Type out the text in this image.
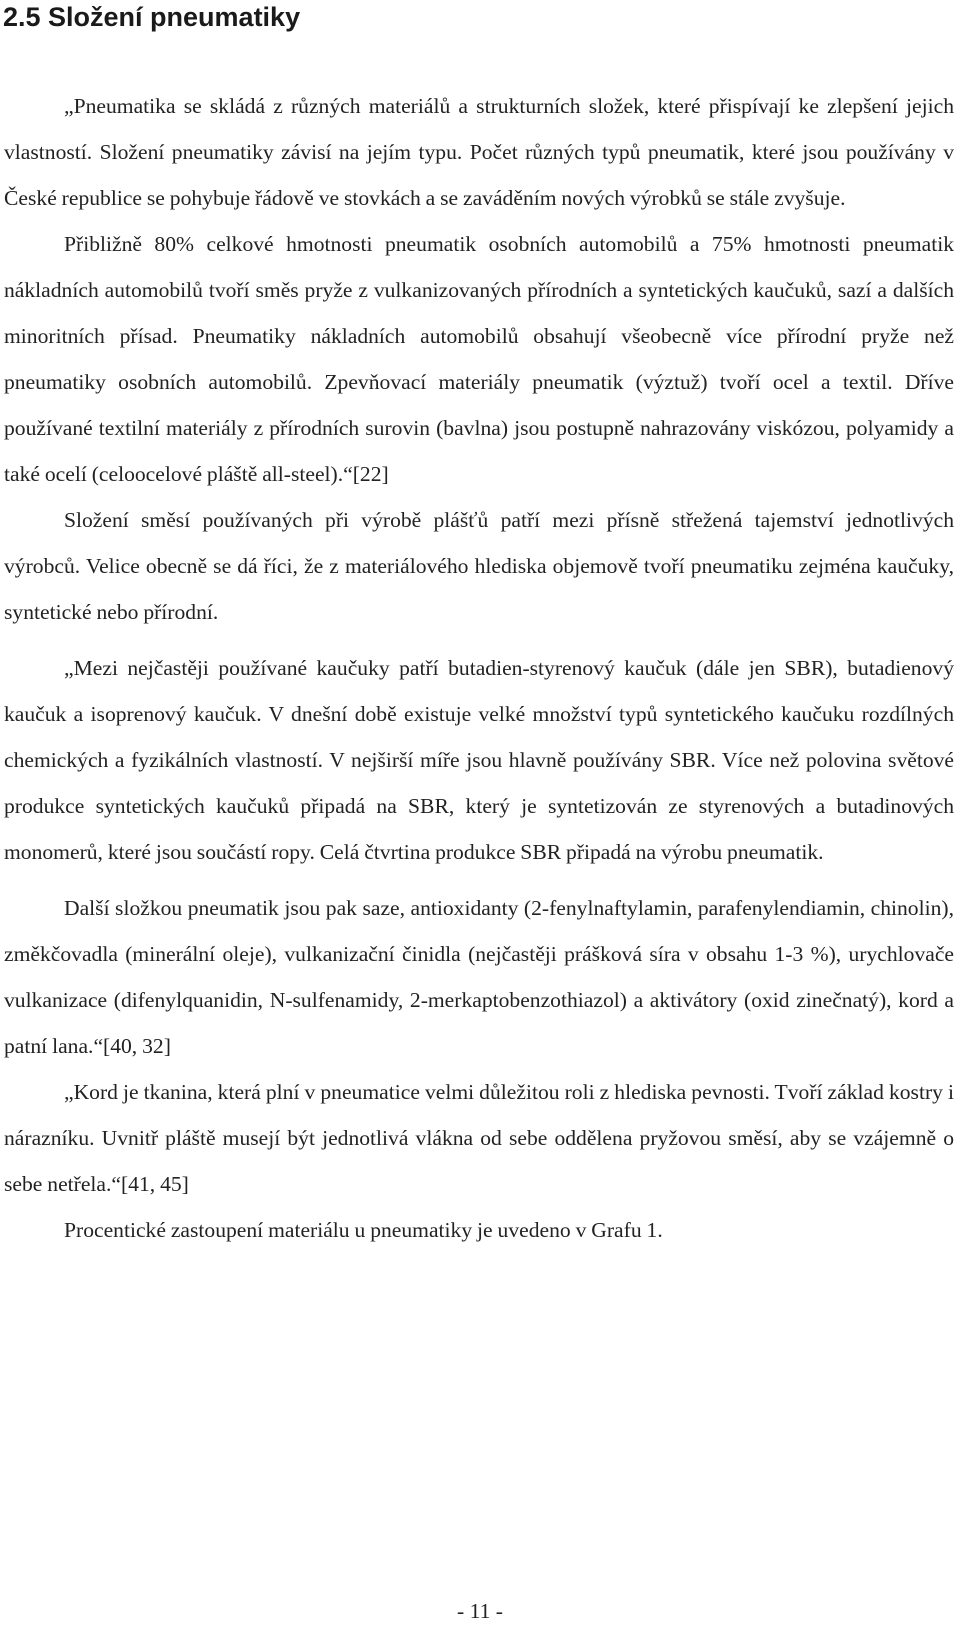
2.5 Složení pneumatiky

„Pneumatika se skládá z různých materiálů a strukturních složek, které přispívají ke zlepšení jejich vlastností. Složení pneumatiky závisí na jejím typu. Počet různých typů pneumatik, které jsou používány v České republice se pohybuje řádově ve stovkách a se zaváděním nových výrobků se stále zvyšuje.

Přibližně 80% celkové hmotnosti pneumatik osobních automobilů a 75% hmotnosti pneumatik nákladních automobilů tvoří směs pryže z vulkanizovaných přírodních a syntetických kaučuků, sazí a dalších minoritních přísad. Pneumatiky nákladních automobilů obsahují všeobecně více přírodní pryže než pneumatiky osobních automobilů. Zpevňovací materiály pneumatik (výztuž) tvoří ocel a textil. Dříve používané textilní materiály z přírodních surovin (bavlna) jsou postupně nahrazovány viskózou, polyamidy a také ocelí (celoocelové pláště all-steel).“[22]

Složení směsí používaných při výrobě plášťů patří mezi přísně střežená tajemství jednotlivých výrobců. Velice obecně se dá říci, že z materiálového hlediska objemově tvoří pneumatiku zejména kaučuky, syntetické nebo přírodní.

„Mezi nejčastěji používané kaučuky patří butadien-styrenový kaučuk (dále jen SBR), butadienový kaučuk a isoprenový kaučuk. V dnešní době existuje velké množství typů syntetického kaučuku rozdílných chemických a fyzikálních vlastností. V nejširší míře jsou hlavně používány SBR. Více než polovina světové produkce syntetických kaučuků připadá na SBR, který je syntetizován ze styrenových a butadinových monomerů, které jsou součástí ropy. Celá čtvrtina produkce SBR připadá na výrobu pneumatik.

Další složkou pneumatik jsou pak saze, antioxidanty (2-fenylnaftylamin, parafenylendiamin, chinolin), změkčovadla (minerální oleje), vulkanizační činidla (nejčastěji prášková síra v obsahu 1-3 %), urychlovače vulkanizace (difenylquanidin, N-sulfenamidy, 2-merkaptobenzothiazol) a aktivátory (oxid zinečnatý), kord a patní lana.“[40, 32]

„Kord je tkanina, která plní v pneumatice velmi důležitou roli z hlediska pevnosti. Tvoří základ kostry i nárazníku. Uvnitř pláště musejí být jednotlivá vlákna od sebe oddělena pryžovou směsí, aby se vzájemně o sebe netřela.“[41, 45]

Procentické zastoupení materiálu u pneumatiky je uvedeno v Grafu 1.

- 11 -
